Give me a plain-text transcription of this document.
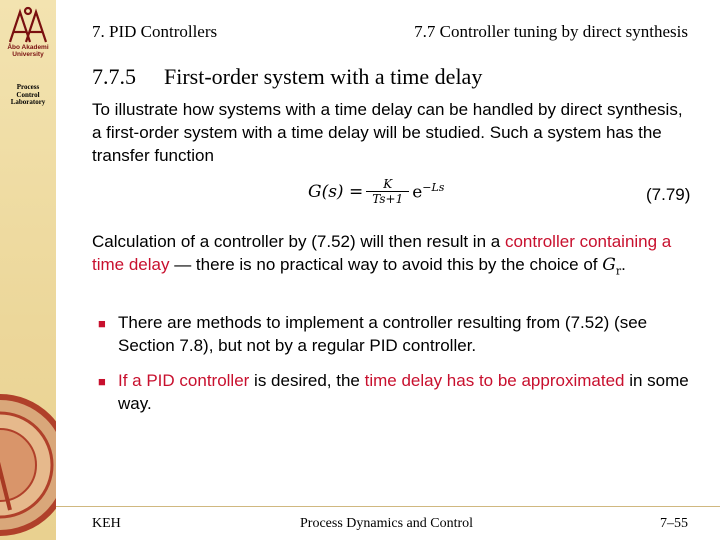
Åbo Akademi
University
Process
Control
Laboratory
7. PID Controllers	7.7 Controller tuning by direct synthesis
7.7.5 First-order system with a time delay
To illustrate how systems with a time delay can be handled by direct synthesis, a first-order system with a time delay will be studied. Such a system has the transfer function
$G(s) = \frac{K}{Ts+1} e^{-Ls}$	(7.79)
Calculation of a controller by (7.52) will then result in a controller containing a time delay — there is no practical way to avoid this by the choice of $G_r$.
■ There are methods to implement a controller resulting from (7.52) (see Section 7.8), but not by a regular PID controller.
■ If a PID controller is desired, the time delay has to be approximated in some way.
KEH	Process Dynamics and Control	7–55
